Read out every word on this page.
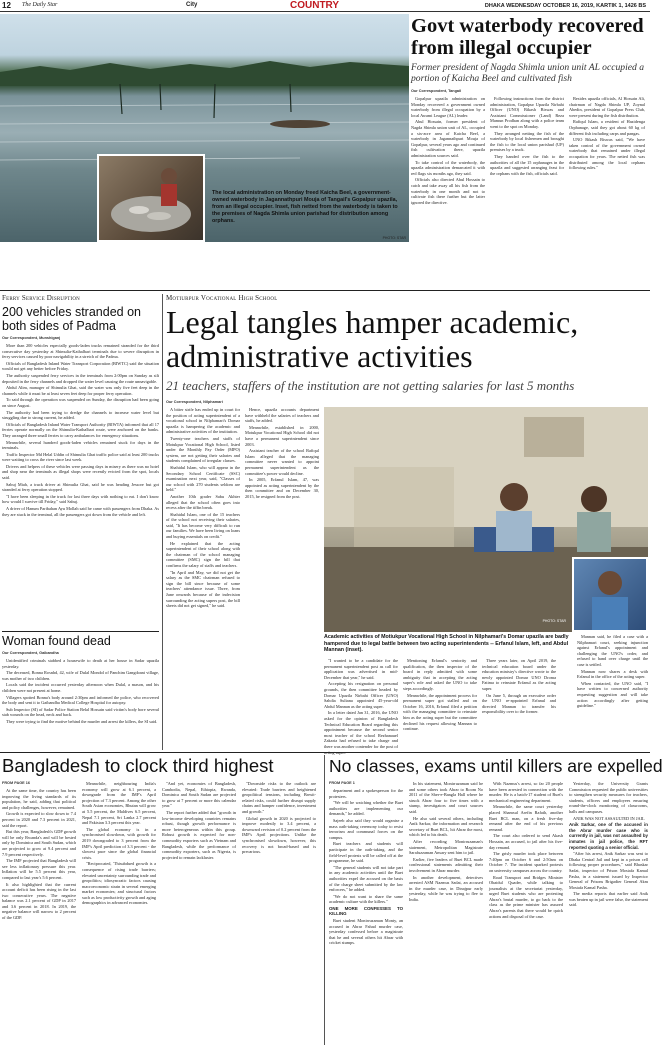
12 The Daily Star	City	COUNTRY	DHAKA WEDNESDAY OCTOBER 16, 2019, KARTIK 1, 1426 BS
The local administration on Monday freed Kaicha Beel, a government-owned waterbody in Jagannathpuri Mouja of Tangail's Gopalpur upazila, from an illegal occupier. Inset, fish netted from the waterbody is taken to the premises of Nagda Shimla union parishad for distribution among orphans.
PHOTO: STAR
Govt waterbody recovered from illegal occupier
Former president of Nagda Shimla union unit AL occupied a portion of Kaicha Beel and cultivated fish
Our Correspondent, Tangail

Gopalpur upazila administration on Monday recovered a government owned waterbody from illegal occupation by a local Awami League (AL) leader.

Abul Hossain, former president of Nagda Shimla union unit of AL, occupied a six-acre area of Kaicha Beel, a waterbody in Jagannathpuri Mouja of Gopalpur, several years ago and continued fish cultivation there, upazila administration sources said.

To take control of the waterbody, the upazila administration demarcated it with red flags six months ago, they said.

Officials also directed Abul Hossain to catch and take away all his fish from the waterbody in one month and not to cultivate fish there further but the latter ignored the directive.

Following instructions from the district administration, Gopalpur Upazila Nirbahi Officer (UNO) Bikash Biswas and Assistant Commissioner (Land) Reza Mamun Prodhan along with a police team went to the spot on Monday.

They arranged netting the fish of the waterbody by local fishermen and brought the fish to the local union parishad (UP) premises by a truck.

They handed over the fish to the authorities of all the 15 orphanages in the upazila and suggested arranging feast for the orphans with the fish, officials said.

Besides upazila officials, Al Hossain Ali, chairman of Nagda Shimla UP, Zoynal Abedin, president of Gopalpur Press Club, were present during the fish distribution.

Rafiqul Islam, a resident of Hazidenga Orphanage, said they got about 60 kg of different fish including carps and pangas.

UNO Bikash Biswas said, "We have taken control of the government owned waterbody that remained under illegal occupation for years. The netted fish was distributed among the local orphans following rules."

Ferry Service Disruption
200 vehicles stranded on both sides of Padma
Our Correspondent, Munshiganj

More than 200 vehicles especially goods-laden trucks remained stranded for the third consecutive day yesterday at Shimulia-Kathalbari terminals due to severe disruption in ferry services caused by poor navigability in a stretch of the Padma.

Officials of Bangladesh Inland Water Transport Corporation (BIWTC) said the situation would not get any better before Friday.

The authority suspended ferry services in the terminals from 2:00pm on Sunday as silt deposited in the ferry channels and dropped the water level causing the route unnavigable.

Abdul Alim, manager of Shimulia Ghat, said the water was only five feet deep in the channels while it must be at least seven feet deep for proper ferry operation.

To said through the operation was suspended on Sunday, the disruption had been going on since August.

The authority had been trying to dredge the channels to increase water level but struggling due to strong current, he added.

Officials of Bangladesh Inland Water Transport Authority (BIWTA) informed that all 17 ferries operate normally on the Shimulia-Kathalbari route, were anchored on the banks. They arranged three small ferries to carry ambulances for emergency situations.

Meanwhile, several hundred goods-laden vehicles remained stuck for days in the terminals.

Traffic Inspector Md Helal Uddin of Shimulia Ghat traffic police said at least 200 trucks were waiting to cross the river since last week.

Drivers and helpers of these vehicles were passing days in misery as there was no hotel and shop near the terminals as illegal shops were recently evicted from the spot, locals said.

Sabuj Miah, a truck driver at Shimulia Ghat, said he was heading Jessore but got stranded at ferry operation stopped.

"I have been sleeping in the truck for last three days with nothing to eat. I don't know how would I survive till Friday," said Sabuj.

A driver of Hanum Paribahan Ayu Mollah said he came with passengers from Dhaka. As they are stuck in the terminal, all the passengers got down from the vehicle and left.

Woman found dead
Our Correspondent, Gaibandha

Unidentified criminals stabbed a housewife to death at her house in Sadar upazila yesterday.

The deceased, Bonna Rosnhd, 42, wife of Dulal Mondol of Panchim Gangdoani village, was mother of two children.

Locals said the incident occurred yesterday afternoon when Dulal, a mason, and his children were not present at home.

Villagers spotted Bonna's body around 2:30pm and informed the police, who recovered the body and sent it to Gaibandha Medical College Hospital for autopsy.

Sub Inspector (SI) of Sadar Police Station Belal Hossain said victim's body bore several stab wounds on the head, neck and back.

They were trying to find the motive behind the murder and arrest the killers, the SI said.

Motiurpur Vocational High School
Legal tangles hamper academic, administrative activities
21 teachers, staffers of the institution are not getting salaries for last 5 months
Our Correspondent, Nilphamari

A bitter strife has ended up in court for the position of acting superintendent of a vocational school in Nilphamari's Domar upazila is hampering the academic and administrative activities of the institution.

Twenty-one teachers and staffs of Motukpur Vocational High School, listed under the Monthly Pay Order (MPO) system, are not getting their salaries and students complained of irregular classes.

Shahidul Islam, who will appear in the Secondary School Certificate (SSC) examination next year, said, "Classes of our school with 270 students seldom are held."

Another 10th grader Sabu Akhter alleged that the school often goes into recess after the tiffin break.

Shahidul Islam, one of the 15 teachers of the school not receiving their salaries, said, "It has become very difficult to run our families. We have been living on loans and buying essentials on credit."

He explained that the acting superintendent of their school along with the chairman of the school managing committee (SMC) sign the bill that confirms the salary of staffs and teachers.

"In April and May, we did not get the salary as the SMC chairman refused to sign the bill since because of some teachers' attendance issue. Three, from June onwards because of the indecision surrounding the acting supers post, the bill sheets did not get signed," he said.

Hence, upazila accounts department have withheld the salaries of teachers and staffs, he added.

Meanwhile, established in 2000, Motukpur Vocational High School did not have a permanent superintendent since 2003.

Assistant teacher of the school Rafiqul Islam alleged that the managing committee never wanted to appoint permanent superintendent as the committee's power would decline.

In 2005, Erfanul Islam, 47, was appointed as acting superintendent by the then committee and on December 30, 2015, he resigned from the post.

PHOTO: STAR
Academic activities of Motiukpur Vocational High School in Nilphamari's Domar upazila are badly hampered due to legal battle between two acting superintendents -- Erfanul Islam, left, and Abdul Mannan (inset).

"I wanted to be a candidate for the permanent superintendent post as call for application was advertised in mid-December that year," he said.

Accepting his resignation on personal grounds, the then committee headed by Domar Upazila Nirbahi Officer (UNO) Sahdia Sultana appointed 45-year-old Abdul Mannan as the acting super.

In a letter dated Jan 31, 2016, the UNO asked for the opinion of Bangladesh Technical Education Board regarding this appointment because the second senior most teacher of the school Rezhanauel Zakaria had refused to take charge and there was another contender for the post of

Mentioning Erfanul's seniority and qualification, the then inspector of the board in reply admitted with some ambiguity that in accepting the acting super's role and asked the UNO to take steps accordingly.

Meanwhile, the appointment process for permanent super got stalled and on October 16, 2016, Erfanul filed a petition with the managing committee to reinstate him as the acting super but the committee declined his request allowing Mannan to continue.

Three years later, on April 2019, the technical education board under the education ministry's directive wrote to the newly appointed Domar UNO Droma Fatima to reinstate Erfanul as the acting super.

On June 5, through an executive order the UNO re-appointed Erfanul and directed Mannan to transfer his responsibility over to the former.

Mannan said, he filed a case with a Nilphamari court, seeking injunction against Erfanul's appointment and challenging the UNO's order, and refused to hand over charge until the case is settled.

Mannan now shares a desk with Erfanul in the office of the acting super.

When contacted, the UNO said, "I have written to concerned authority requesting suggestion and will take action accordingly after getting guideline."

Bangladesh to clock third highest
FROM PAGE 16

At the same time, the country has been improving the living standards of its population, he said, adding that political and policy challenges, however, remained.

Growth is expected to slow down to 7.4 percent in 2020 and 7.3 percent in 2021, said the report.

But this year, Bangladesh's GDP growth will be only Rwanda's and will be bested only by Dominica and South Sudan, which are projected to grow at 9.4 percent and 7.9 percent respectively.

The IMF projected that Bangladesh will see less inflationary pressure this year. Inflation will be 5.5 percent this year, compared to last year's 5.6 percent.

It also highlighted that the current account deficit has been rising in the last two consecutive years. The negative balance was 2.1 percent of GDP in 2017 and 3.6 percent in 2018. In 2019, the negative balance will narrow to 2 percent of the GDP.

Meanwhile, neighbouring India's economy will grow at 6.1 percent, a downgrade from the IMF's April projection of 7.3 percent. Among the other South Asian economies, Bhutan will grow at 5.5 percent, the Maldives 6.5 percent, Nepal 7.1 percent, Sri Lanka 2.7 percent and Pakistan 3.3 percent this year.

The global economy is in a synchronised slowdown, with growth for 2019 downgraded to 3 percent from the IMF's April prediction of 3.3 percent - the slowest pace since the global financial crisis.

"Reciprocated, 'Thisubdued growth is a consequence of rising trade barriers; elevated uncertainty surrounding trade and geopolitics; idiosyncratic factors causing macroeconomic strain in several emerging market economies; and structural factors such as low productivity growth and aging demographics in advanced economies.

"And yet, economies of Bangladesh, Cambodia, Nepal, Ethiopia, Rwanda, Dominica and South Sudan are projected to grow at 7 percent or more this calendar year."

The report further added that "growth in low-income developing countries remains robust, though growth performance is more heterogeneous within this group. Robust growth is expected for non-commodity exporters such as Vietnam and Bangladesh, while the performance of commodity exporters, such as Nigeria, is projected to remain lackluster.

"Downside risks to the outlook are elevated: Trade barriers and heightened geopolitical tensions, including Brexit-related risks, could further disrupt supply chains and hamper confidence, investment and growth."

Global growth in 2020 is projected to improve modestly to 3.4 percent, a downward revision of 0.2 percent from the IMF's April projections. Unlike the synchronised slowdown, however, this recovery is not broad-based and is precarious.

No classes, exams until killers are expelled
FROM PAGE 1

department and a spokesperson for the protesters.

"We will be watching whether the Buet authorities are implementing our demands," he added.

Sajeeb also said they would organise a mass oath-taking ceremony today to resist terrorism and communal forces on the campus.

Buet teachers and students will participate in the oath-taking, and the field-level protests will be called off at the programme, he said.

"The general students will not take part in any academic activities until the Buet authorities expel the accused on the basis of the charge sheet submitted by the law enforcers," he added.

"We do not want to share the same academic culture with the killers."

ONE MORE CONFESSES TO KILLING

Buet student Monirruzaman Monty, an accused in Abrar Fahad murder case, yesterday confessed before a magistrate that he and several others hit Abrar with cricket stumps.

In his statement, Monirruzaman said he and some others took Abrar to Room No 2011 of the Sher-e-Bangla Hall where he struck Abrar four to five times with a stump, investigators and court sources said.

He also said several others, including Anik Sarkar, the information and research secretary of Buet BCL, hit Abrar the most, which led to his death.

After recording Monirruzaman's statement, Metropolitan Magistrate Sarafuzzaman Ansary sent him to jail.

Earlier, five leaders of Buet BCL made confessional statements admitting their involvement in Abrar murder.

In another development, detectives arrested ASM Nazmus Sadat, an accused in the murder case, in Dinajpur early yesterday, while he was trying to flee to India.

With Nazmus's arrest, so far 20 people have been arrested in connection with the murder. He is a batch-17 student of Buet's mechanical engineering department.

Meanwhile, the same court yesterday placed Shamsul Arefin Rafath, another Buet BCL man, on a fresh five-day remand after the end of his previous remand.

The court also ordered to send Akash Hossain, an accused, to jail after his five-day remand.

The grisly murder took place between 7:40pm on October 6 and 2:50am on October 7. The incident sparked protests on university campuses across the country.

Road Transport and Bridges Minister Obaidul Quader, while talking to journalists at the secretariat yesterday, urged Buet students who are protesting Abrar's brutal murder, to go back to the class as the prime minister has assured Abrar's parents that there would be quick actions and disposal of the case.

Yesterday, the University Grants Commission requested the public universities to strengthen security measures for teachers, students, officers and employees ensuring round-the-clock monitoring of classrooms, halls and campuses.

ANIK WAS NOT ASSAULTED IN JAIL

Anik Sarkar, one of the accused in the Abrar murder case who is currently in jail, was not assaulted by inmates in jail police, the RFT reported quoting a senior official.

"After his arrest, Anik Sarkar was sent to Dhaka Central Jail and kept in a prison cell following proper procedures," said Bhaskar Sadat, inspector of Prison Mostafa Kamal Pasha, in a statement issued by Inspector General of Prisons Brigadier General Akm Mostafa Kamal Pasha.

The media reports that earlier said Anik was beaten up in jail were false, the statement said.
